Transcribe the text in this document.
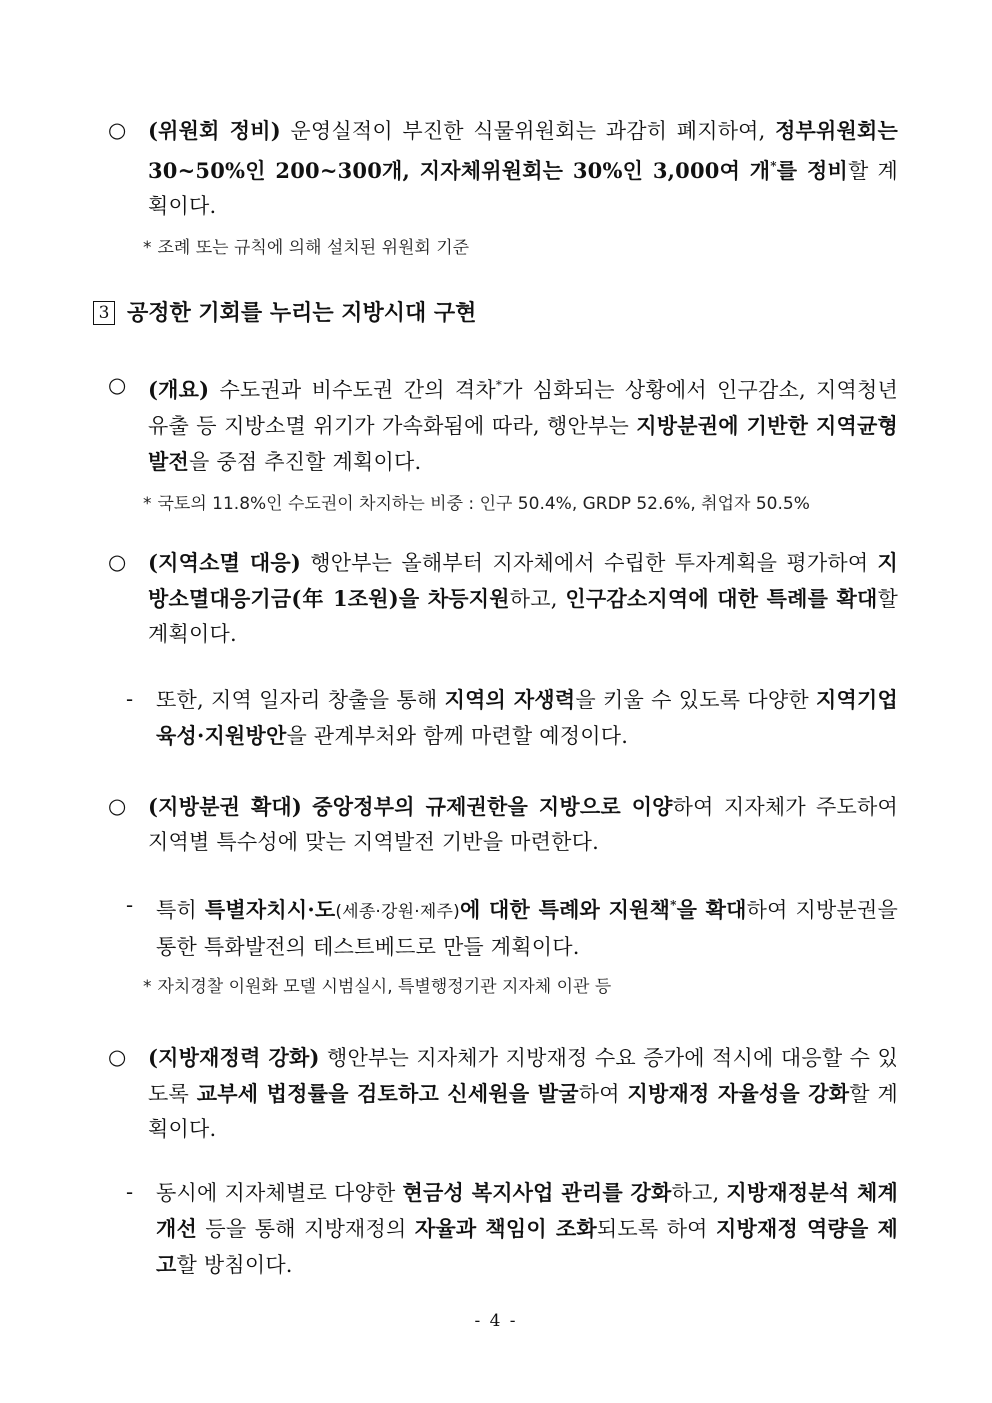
○	(위원회 정비) 운영실적이 부진한 식물위원회는 과감히 폐지하여, 정부위원회는 30~50%인 200~300개, 지자체위원회는 30%인 3,000여 개*를 정비할 계획이다.
* 조례 또는 규칙에 의해 설치된 위원회 기준
3 공정한 기회를 누리는 지방시대 구현
○	(개요) 수도권과 비수도권 간의 격차*가 심화되는 상황에서 인구감소, 지역청년 유출 등 지방소멸 위기가 가속화됨에 따라, 행안부는 지방분권에 기반한 지역균형발전을 중점 추진할 계획이다.
* 국토의 11.8%인 수도권이 차지하는 비중 : 인구 50.4%, GRDP 52.6%, 취업자 50.5%
○	(지역소멸 대응) 행안부는 올해부터 지자체에서 수립한 투자계획을 평가하여 지방소멸대응기금(年 1조원)을 차등지원하고, 인구감소지역에 대한 특례를 확대할 계획이다.
-	또한, 지역 일자리 창출을 통해 지역의 자생력을 키울 수 있도록 다양한 지역기업 육성·지원방안을 관계부처와 함께 마련할 예정이다.
○	(지방분권 확대) 중앙정부의 규제권한을 지방으로 이양하여 지자체가 주도하여 지역별 특수성에 맞는 지역발전 기반을 마련한다.
-	특히 특별자치시·도(세종·강원·제주)에 대한 특례와 지원책*을 확대하여 지방분권을 통한 특화발전의 테스트베드로 만들 계획이다.
* 자치경찰 이원화 모델 시범실시, 특별행정기관 지자체 이관 등
○	(지방재정력 강화) 행안부는 지자체가 지방재정 수요 증가에 적시에 대응할 수 있도록 교부세 법정률을 검토하고 신세원을 발굴하여 지방재정 자율성을 강화할 계획이다.
-	동시에 지자체별로 다양한 현금성 복지사업 관리를 강화하고, 지방재정분석 체계 개선 등을 통해 지방재정의 자율과 책임이 조화되도록 하여 지방재정 역량을 제고할 방침이다.
- 4 -
